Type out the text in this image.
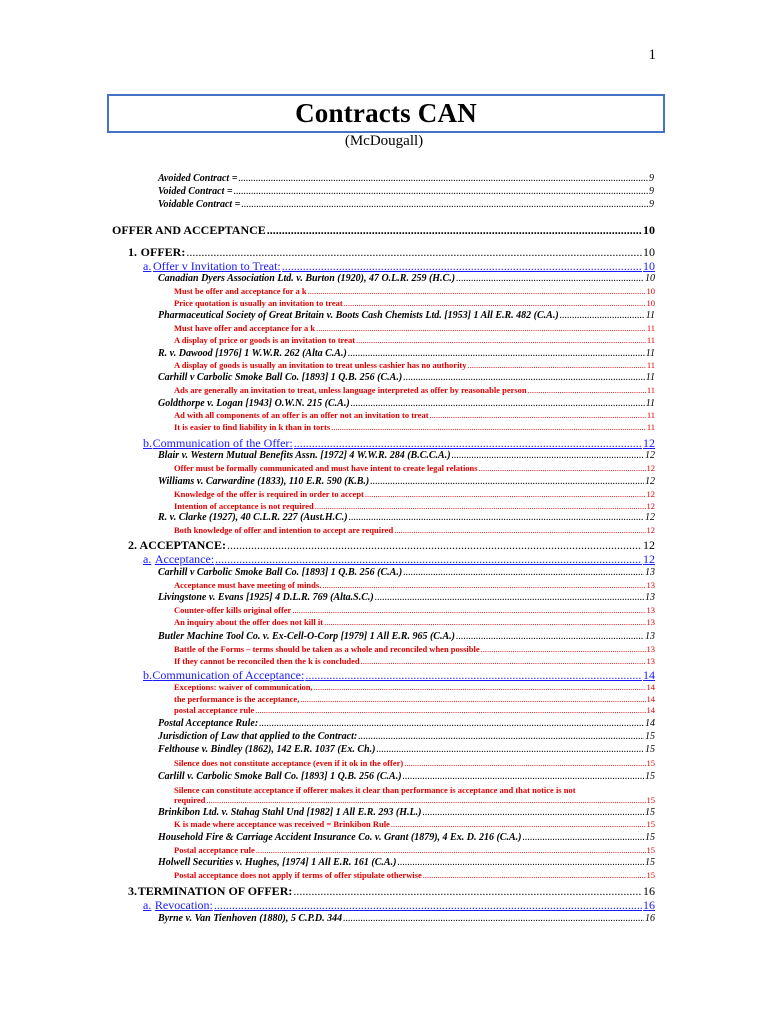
1
Contracts CAN
(McDougall)
Avoided Contract = .....	9
Voided Contract = .....	9
Voidable Contract = .....	9
OFFER AND ACCEPTANCE .....	10
1. OFFER: .....	10
a. Offer v Invitation to Treat: .....	10
Canadian Dyers Association Ltd. v. Burton (1920), 47 O.L.R. 259 (H.C.) .....	10
Must be offer and acceptance for a k .....	10
Price quotation is usually an invitation to treat .....	10
Pharmaceutical Society of Great Britain v. Boots Cash Chemists Ltd. [1953] 1 All E.R. 482 (C.A.) .....	11
Must have offer and acceptance for a k .....	11
A display of price or goods is an invitation to treat .....	11
R. v. Dawood [1976] 1 W.W.R. 262 (Alta C.A.) .....	11
A display of goods is usually an invitation to treat unless cashier has no authority .....	11
Carhill v Carbolic Smoke Ball Co. [1893] 1 Q.B. 256 (C.A.) .....	11
Ads are generally an invitation to treat, unless language interpreted as offer by reasonable person .....	11
Goldthorpe v. Logan [1943] O.W.N. 215 (C.A.) .....	11
Ad with all components of an offer is an offer not an invitation to treat .....	11
It is easier to find liability in k than in torts .....	11
b. Communication of the Offer: .....	12
Blair v. Western Mutual Benefits Assn. [1972] 4 W.W.R. 284 (B.C.C.A.) .....	12
Offer must be formally communicated and must have intent to create legal relations .....	12
Williams v. Carwardine (1833), 110 E.R. 590 (K.B.) .....	12
Knowledge of the offer is required in order to accept .....	12
Intention of acceptance is not required .....	12
R. v. Clarke (1927), 40 C.L.R. 227 (Aust.H.C.) .....	12
Both knowledge of offer and intention to accept are required .....	12
2. ACCEPTANCE: .....	12
a. Acceptance: .....	12
Carhill v Carbolic Smoke Ball Co. [1893] 1 Q.B. 256 (C.A.) .....	13
Acceptance must have meeting of minds. .....	13
Livingstone v. Evans [1925] 4 D.L.R. 769 (Alta.S.C.) .....	13
Counter-offer kills original offer .....	13
An inquiry about the offer does not kill it .....	13
Butler Machine Tool Co. v. Ex-Cell-O-Corp [1979] 1 All E.R. 965 (C.A.) .....	13
Battle of the Forms – terms should be taken as a whole and reconciled when possible .....	13
If they cannot be reconciled then the k is concluded .....	13
b. Communication of Acceptance: .....	14
Exceptions: waiver of communication, .....	14
the performance is the acceptance, .....	14
postal acceptance rule .....	14
Postal Acceptance Rule: .....	14
Jurisdiction of Law that applied to the Contract: .....	15
Felthouse v. Bindley (1862), 142 E.R. 1037 (Ex. Ch.) .....	15
Silence does not constitute acceptance (even if it ok in the offer) .....	15
Carlill v. Carbolic Smoke Ball Co. [1893] 1 Q.B. 256 (C.A.) .....	15
Silence can constitute acceptance if offerer makes it clear than performance is acceptance and that notice is not
required .....	15
Brinkibon Ltd. v. Stahag Stahl Und [1982] 1 All E.R. 293 (H.L.) .....	15
K is made where acceptance was received = Brinkibon Rule .....	15
Household Fire & Carriage Accident Insurance Co. v. Grant (1879), 4 Ex. D. 216 (C.A.) .....	15
Postal acceptance rule .....	15
Holwell Securities v. Hughes, [1974] 1 All E.R. 161 (C.A.) .....	15
Postal acceptance does not apply if terms of offer stipulate otherwise .....	15
3. TERMINATION OF OFFER: .....	16
a. Revocation: .....	16
Byrne v. Van Tienhoven (1880), 5 C.P.D. 344 .....	16
